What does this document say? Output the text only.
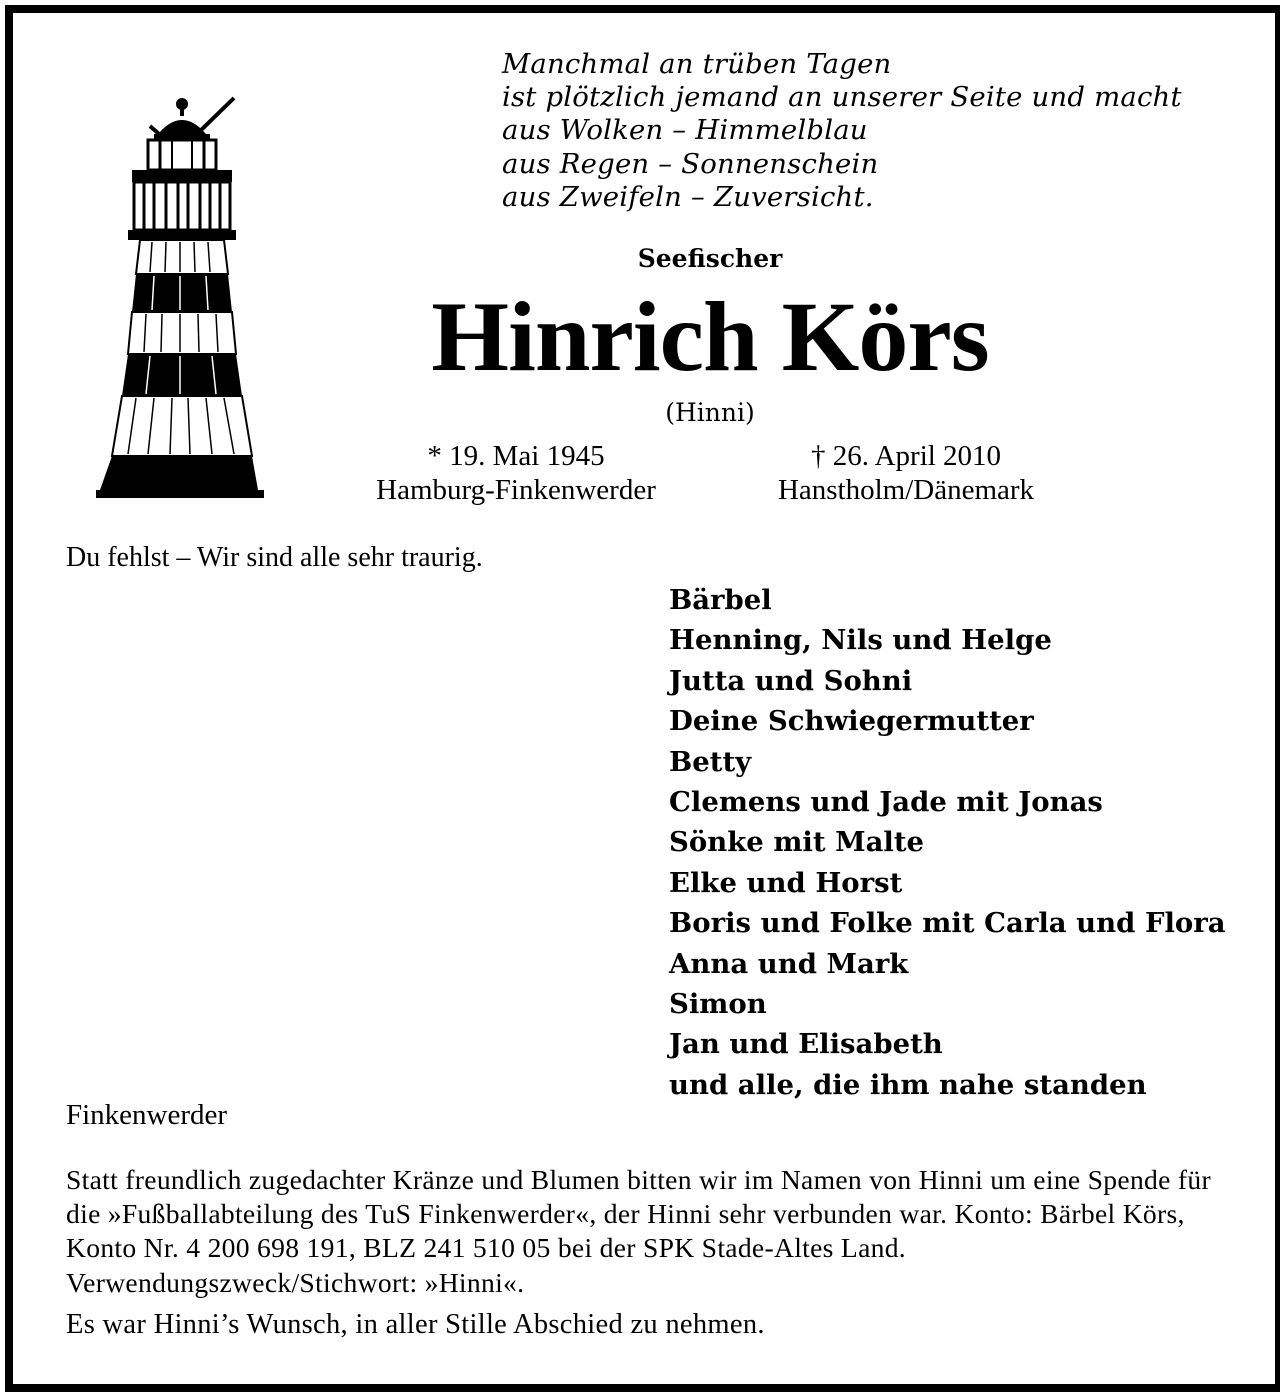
Manchmal an trüben Tagen
ist plötzlich jemand an unserer Seite und macht
aus Wolken – Himmelblau
aus Regen – Sonnenschein
aus Zweifeln – Zuversicht.
Seefischer
Hinrich Körs
(Hinni)
* 19. Mai 1945
Hamburg-Finkenwerder
† 26. April 2010
Hanstholm/Dänemark
Du fehlst – Wir sind alle sehr traurig.
Bärbel
Henning, Nils und Helge
Jutta und Sohni
Deine Schwiegermutter
Betty
Clemens und Jade mit Jonas
Sönke mit Malte
Elke und Horst
Boris und Folke mit Carla und Flora
Anna und Mark
Simon
Jan und Elisabeth
und alle, die ihm nahe standen
Finkenwerder
Statt freundlich zugedachter Kränze und Blumen bitten wir im Namen von Hinni um eine Spende für die »Fußballabteilung des TuS Finkenwerder«, der Hinni sehr verbunden war. Konto: Bärbel Körs, Konto Nr. 4 200 698 191, BLZ 241 510 05 bei der SPK Stade-Altes Land. Verwendungszweck/Stichwort: »Hinni«.
Es war Hinni’s Wunsch, in aller Stille Abschied zu nehmen.
